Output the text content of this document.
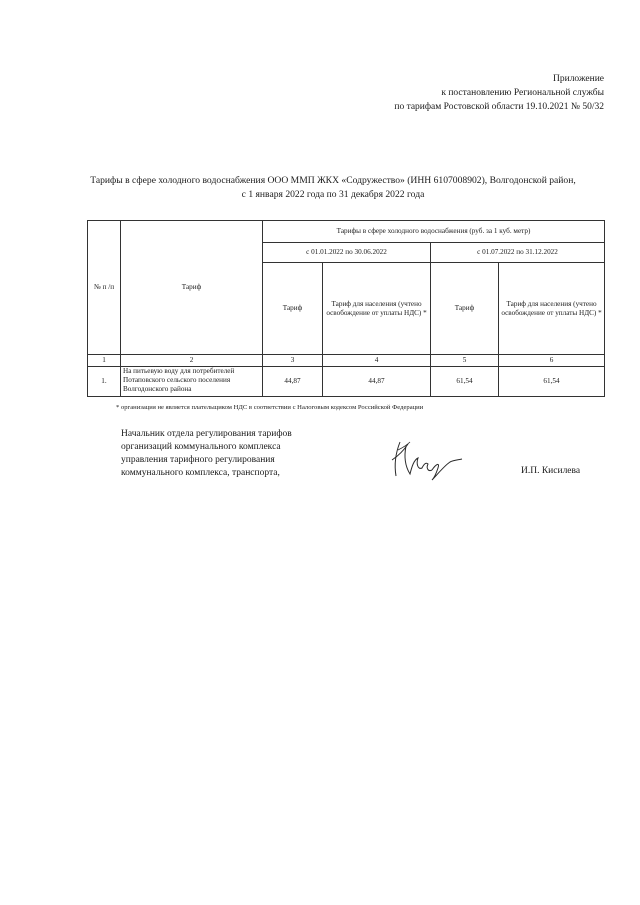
Приложение
к постановлению Региональной службы
по тарифам Ростовской области 19.10.2021 № 50/32
Тарифы в сфере холодного водоснабжения ООО ММП ЖКХ «Содружество» (ИНН 6107008902), Волгодонской район,
с 1 января 2022 года по 31 декабря 2022 года
№ п /п	Тариф	Тарифы в сфере холодного водоснабжения (руб. за 1 куб. метр)			
		с 01.01.2022 по 30.06.2022		с 01.07.2022 по 31.12.2022	
		Тариф	Тариф для населения (учтено освобождение от уплаты НДС) *	Тариф	Тариф для населения (учтено освобождение от уплаты НДС) *
1	2	3	4	5	6
1.	На питьевую воду для потребителей Потаповского сельского поселения Волгодонского района	44,87	44,87	61,54	61,54
* организация не является плательщиком НДС в соответствии с Налоговым кодексом Российской Федерации
Начальник отдела регулирования тарифов
организаций коммунального комплекса
управления тарифного регулирования
коммунального комплекса, транспорта,	И.П. Кисилева
